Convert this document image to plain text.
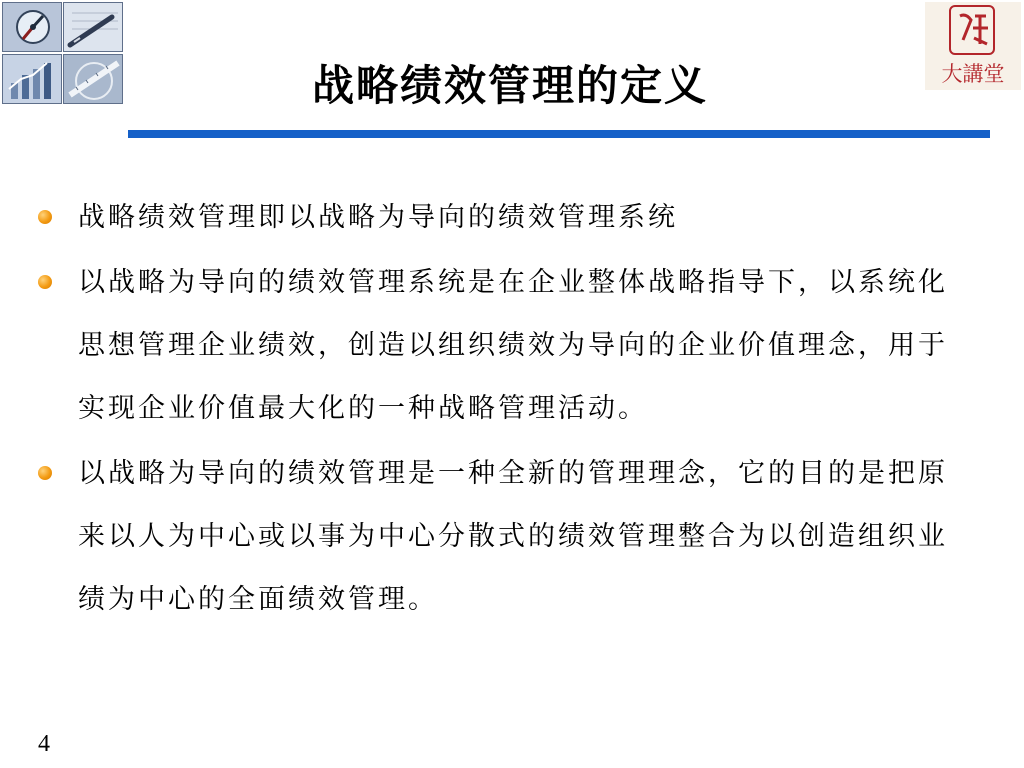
大講堂
战略绩效管理的定义
战略绩效管理即以战略为导向的绩效管理系统
以战略为导向的绩效管理系统是在企业整体战略指导下，以系统化思想管理企业绩效，创造以组织绩效为导向的企业价值理念，用于实现企业价值最大化的一种战略管理活动。
以战略为导向的绩效管理是一种全新的管理理念，它的目的是把原来以人为中心或以事为中心分散式的绩效管理整合为以创造组织业绩为中心的全面绩效管理。
4
